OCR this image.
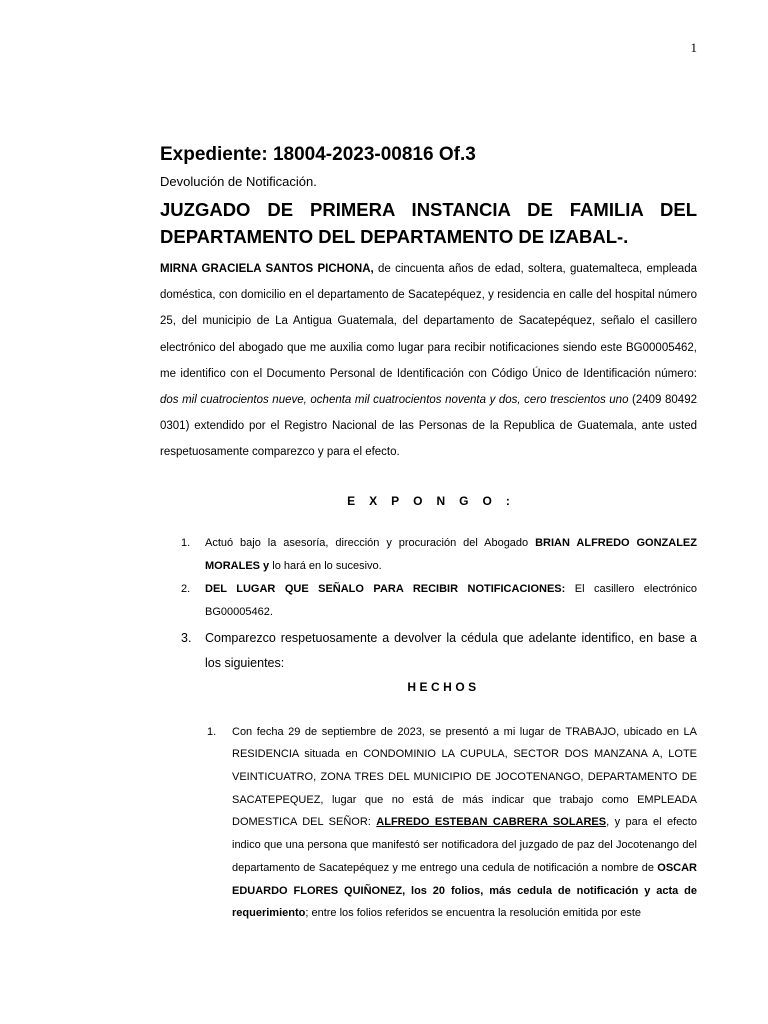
1
Expediente: 18004-2023-00816 Of.3
Devolución de Notificación.
JUZGADO DE PRIMERA INSTANCIA DE FAMILIA DEL
DEPARTAMENTO DEL DEPARTAMENTO DE IZABAL-.

MIRNA GRACIELA SANTOS PICHONA, de cincuenta años de edad, soltera, guatemalteca, empleada doméstica, con domicilio en el departamento de Sacatepéquez, y residencia en calle del hospital número 25, del municipio de La Antigua Guatemala, del departamento de Sacatepéquez, señalo el casillero electrónico del abogado que me auxilia como lugar para recibir notificaciones siendo este BG00005462, me identifico con el Documento Personal de Identificación con Código Único de Identificación número: dos mil cuatrocientos nueve, ochenta mil cuatrocientos noventa y dos, cero trescientos uno (2409 80492 0301) extendido por el Registro Nacional de las Personas de la Republica de Guatemala, ante usted respetuosamente comparezco y para el efecto.

EXPONGO:
1. Actuó bajo la asesoría, dirección y procuración del Abogado BRIAN ALFREDO GONZALEZ MORALES y lo hará en lo sucesivo.
2. DEL LUGAR QUE SEÑALO PARA RECIBIR NOTIFICACIONES: El casillero electrónico BG00005462.
3. Comparezco respetuosamente a devolver la cédula que adelante identifico, en base a los siguientes:
HECHOS
1. Con fecha 29 de septiembre de 2023, se presentó a mi lugar de TRABAJO, ubicado en LA RESIDENCIA situada en CONDOMINIO LA CUPULA, SECTOR DOS MANZANA A, LOTE VEINTICUATRO, ZONA TRES DEL MUNICIPIO DE JOCOTENANGO, DEPARTAMENTO DE SACATEPEQUEZ, lugar que no está de más indicar que trabajo como EMPLEADA DOMESTICA DEL SEÑOR: ALFREDO ESTEBAN CABRERA SOLARES, y para el efecto indico que una persona que manifestó ser notificadora del juzgado de paz del Jocotenango del departamento de Sacatepéquez y me entrego una cedula de notificación a nombre de OSCAR EDUARDO FLORES QUIÑONEZ, los 20 folios, más cedula de notificación y acta de requerimiento; entre los folios referidos se encuentra la resolución emitida por este
